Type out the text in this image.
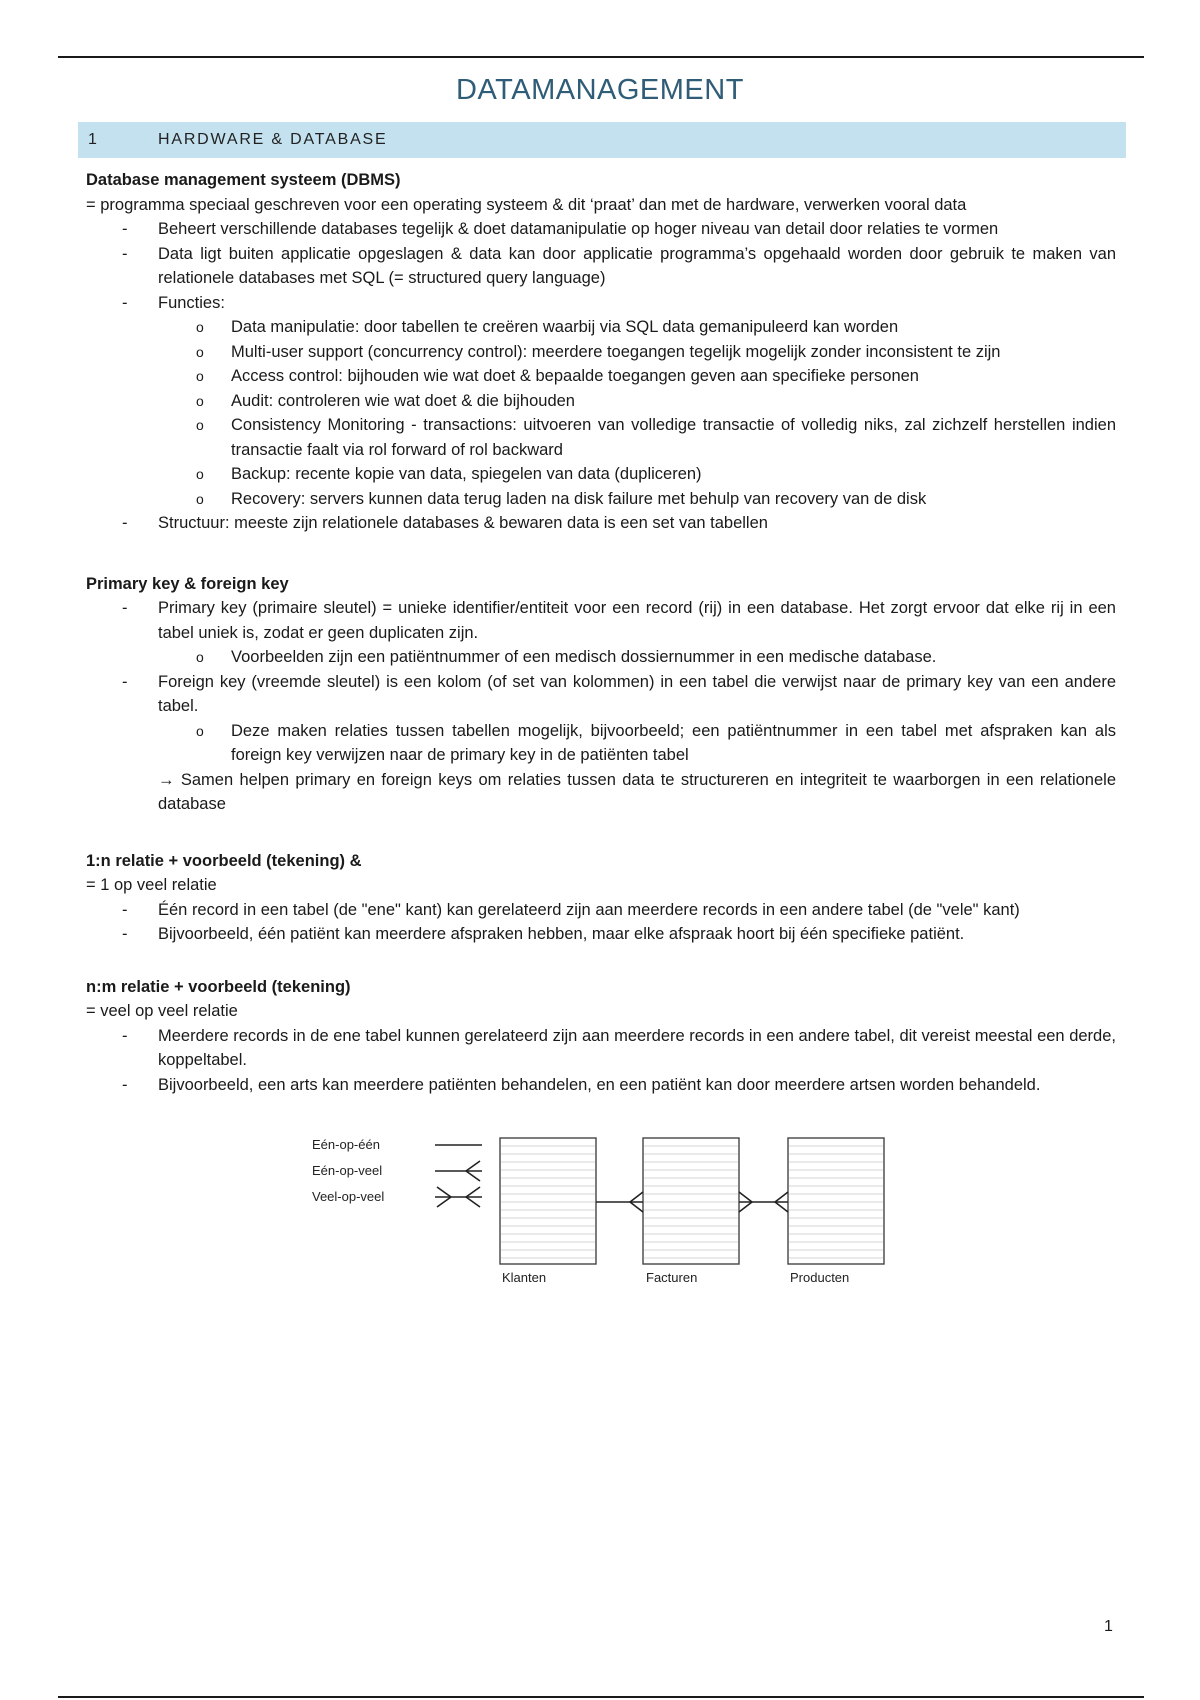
DATAMANAGEMENT
1	HARDWARE & DATABASE

Database management systeem (DBMS)

= programma speciaal geschreven voor een operating systeem & dit ‘praat’ dan met de hardware, verwerken vooral data

- Beheert verschillende databases tegelijk & doet datamanipulatie op hoger niveau van detail door relaties te vormen

- Data ligt buiten applicatie opgeslagen & data kan door applicatie programma’s opgehaald worden door gebruik te maken van relationele databases met SQL (= structured query language)

- Functies:

o Data manipulatie: door tabellen te creëren waarbij via SQL data gemanipuleerd kan worden

o Multi-user support (concurrency control): meerdere toegangen tegelijk mogelijk zonder inconsistent te zijn

o Access control: bijhouden wie wat doet & bepaalde toegangen geven aan specifieke personen

o Audit: controleren wie wat doet & die bijhouden

o Consistency Monitoring - transactions: uitvoeren van volledige transactie of volledig niks, zal zichzelf herstellen indien transactie faalt via rol forward of rol backward

o Backup: recente kopie van data, spiegelen van data (dupliceren)

o Recovery: servers kunnen data terug laden na disk failure met behulp van recovery van de disk

- Structuur: meeste zijn relationele databases & bewaren data is een set van tabellen

Primary key & foreign key

- Primary key (primaire sleutel) = unieke identifier/entiteit voor een record (rij) in een database. Het zorgt ervoor dat elke rij in een tabel uniek is, zodat er geen duplicaten zijn.

o Voorbeelden zijn een patiëntnummer of een medisch dossiernummer in een medische database.

- Foreign key (vreemde sleutel) is een kolom (of set van kolommen) in een tabel die verwijst naar de primary key van een andere tabel.

o Deze maken relaties tussen tabellen mogelijk, bijvoorbeeld; een patiëntnummer in een tabel met afspraken kan als foreign key verwijzen naar de primary key in de patiënten tabel

→ Samen helpen primary en foreign keys om relaties tussen data te structureren en integriteit te waarborgen in een relationele database

1:n relatie + voorbeeld (tekening) &

= 1 op veel relatie

- Één record in een tabel (de "ene" kant) kan gerelateerd zijn aan meerdere records in een andere tabel (de "vele" kant)

- Bijvoorbeeld, één patiënt kan meerdere afspraken hebben, maar elke afspraak hoort bij één specifieke patiënt.

n:m relatie + voorbeeld (tekening)

= veel op veel relatie

- Meerdere records in de ene tabel kunnen gerelateerd zijn aan meerdere records in een andere tabel, dit vereist meestal een derde, koppeltabel.

- Bijvoorbeeld, een arts kan meerdere patiënten behandelen, en een patiënt kan door meerdere artsen worden behandeld.

Eén-op-één
Eén-op-veel
Veel-op-veel
Klanten	Facturen	Producten
1
